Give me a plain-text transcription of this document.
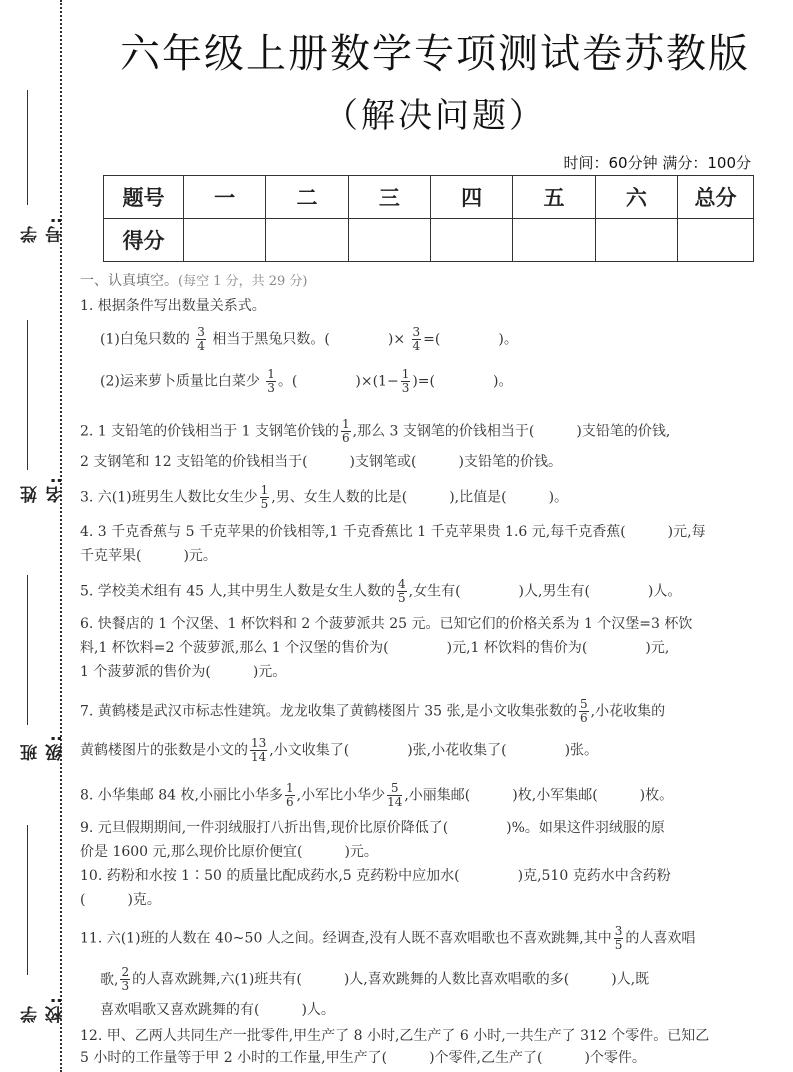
学号:
姓名:
班级:
学校:
六年级上册数学专项测试卷苏教版
（解决问题）
时间：60分钟 满分：100分
题号	一	二	三	四	五	六	总分
得分							
一、认真填空。(每空 1 分，共 29 分)
1. 根据条件写出数量关系式。
(1)白兔只数的 $\frac{3}{4}$ 相当于黑兔只数。(	)× $\frac{3}{4}$ =(	)。
(2)运来萝卜质量比白菜少 $\frac{1}{3}$ 。(	)$\times(1- \frac{1}{3}$ )=(	)。
2. 1 支铅笔的价钱相当于 1 支钢笔价钱的 $\frac{1}{6}$ ,那么 3 支钢笔的价钱相当于(	)支铅笔的价钱,
2 支钢笔和 12 支铅笔的价钱相当于(	)支钢笔或(	)支铅笔的价钱。
3. 六(1)班男生人数比女生少 $\frac{1}{5}$ ,男、女生人数的比是(	),比值是(	)。
4. 3 千克香蕉与 5 千克苹果的价钱相等,1 千克香蕉比 1 千克苹果贵 1.6 元,每千克香蕉(	)元,每
千克苹果(	)元。
5. 学校美术组有 45 人,其中男生人数是女生人数的 $\frac{4}{5}$ ,女生有(	)人,男生有(	)人。
6. 快餐店的 1 个汉堡、1 杯饮料和 2 个菠萝派共 25 元。已知它们的价格关系为 1 个汉堡=3 杯饮
料,1 杯饮料=2 个菠萝派,那么 1 个汉堡的售价为(	)元,1 杯饮料的售价为(	)元,
1 个菠萝派的售价为(	)元。
7. 黄鹤楼是武汉市标志性建筑。龙龙收集了黄鹤楼图片 35 张,是小文收集张数的 $\frac{5}{6}$ ,小花收集的
黄鹤楼图片的张数是小文的 $\frac{13}{14}$ ,小文收集了(	)张,小花收集了(	)张。
8. 小华集邮 84 枚,小丽比小华多 $\frac{1}{6}$ ,小军比小华少 $\frac{5}{14}$ ,小丽集邮(	)枚,小军集邮(	)枚。
9. 元旦假期期间,一件羽绒服打八折出售,现价比原价降低了(	)%。如果这件羽绒服的原
价是 1600 元,那么现价比原价便宜(	)元。
10. 药粉和水按 1∶50 的质量比配成药水,5 克药粉中应加水(	)克,510 克药水中含药粉
(	)克。
11. 六(1)班的人数在 40~50 人之间。经调查,没有人既不喜欢唱歌也不喜欢跳舞,其中 $\frac{3}{5}$ 的人喜欢唱
歌, $\frac{2}{3}$ 的人喜欢跳舞,六(1)班共有(	)人,喜欢跳舞的人数比喜欢唱歌的多(	)人,既
喜欢唱歌又喜欢跳舞的有(	)人。
12. 甲、乙两人共同生产一批零件,甲生产了 8 小时,乙生产了 6 小时,一共生产了 312 个零件。已知乙
5 小时的工作量等于甲 2 小时的工作量,甲生产了(	)个零件,乙生产了(	)个零件。
